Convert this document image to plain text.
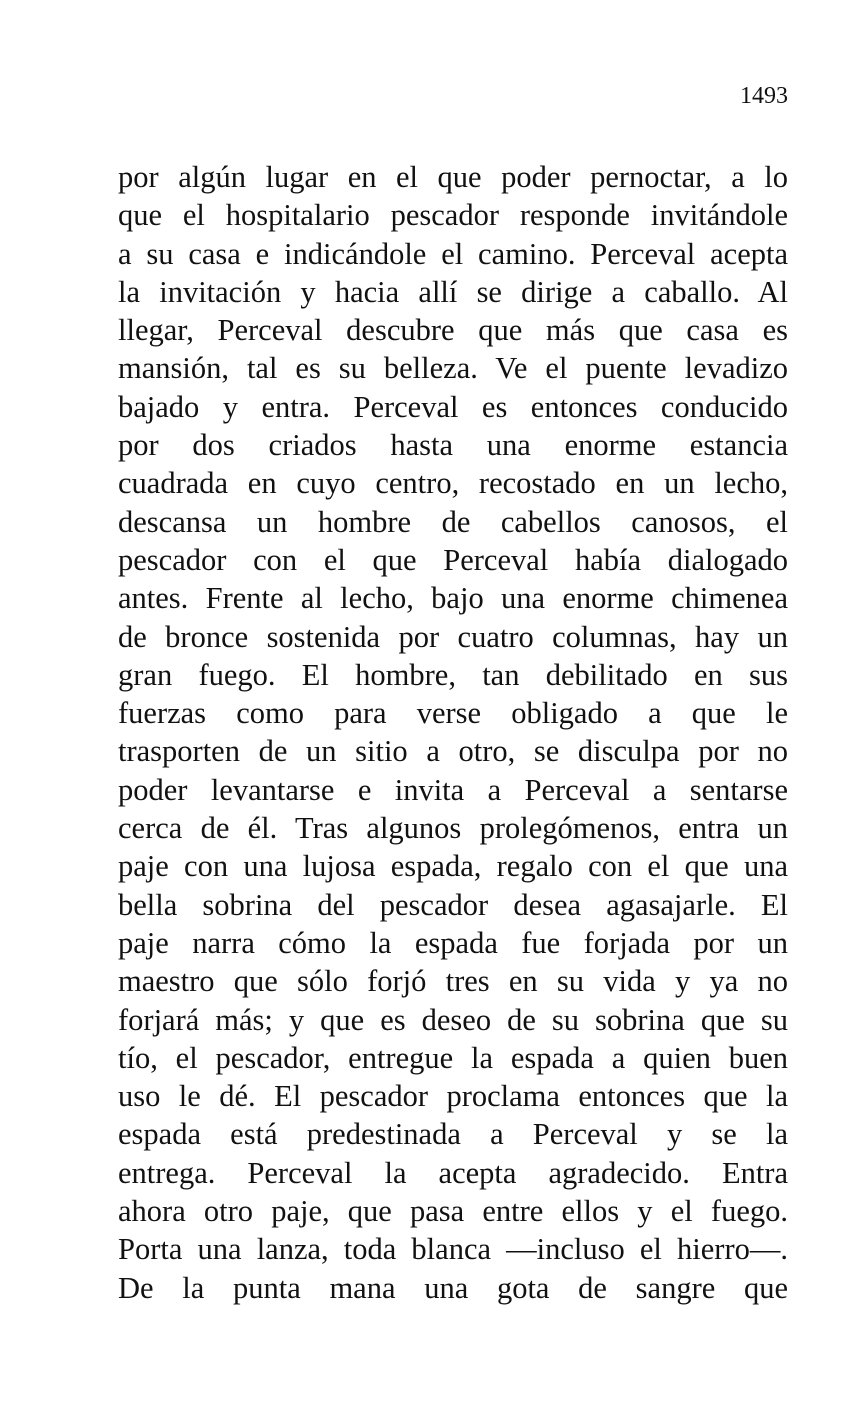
1493
por algún lugar en el que poder pernoctar, a lo
que el hospitalario pescador responde invitándole
a su casa e indicándole el camino. Perceval acepta
la invitación y hacia allí se dirige a caballo. Al
llegar, Perceval descubre que más que casa es
mansión, tal es su belleza. Ve el puente levadizo
bajado y entra. Perceval es entonces conducido
por dos criados hasta una enorme estancia
cuadrada en cuyo centro, recostado en un lecho,
descansa un hombre de cabellos canosos, el
pescador con el que Perceval había dialogado
antes. Frente al lecho, bajo una enorme chimenea
de bronce sostenida por cuatro columnas, hay un
gran fuego. El hombre, tan debilitado en sus
fuerzas como para verse obligado a que le
trasporten de un sitio a otro, se disculpa por no
poder levantarse e invita a Perceval a sentarse
cerca de él. Tras algunos prolegómenos, entra un
paje con una lujosa espada, regalo con el que una
bella sobrina del pescador desea agasajarle. El
paje narra cómo la espada fue forjada por un
maestro que sólo forjó tres en su vida y ya no
forjará más; y que es deseo de su sobrina que su
tío, el pescador, entregue la espada a quien buen
uso le dé. El pescador proclama entonces que la
espada está predestinada a Perceval y se la
entrega. Perceval la acepta agradecido. Entra
ahora otro paje, que pasa entre ellos y el fuego.
Porta una lanza, toda blanca —incluso el hierro—.
De la punta mana una gota de sangre que
